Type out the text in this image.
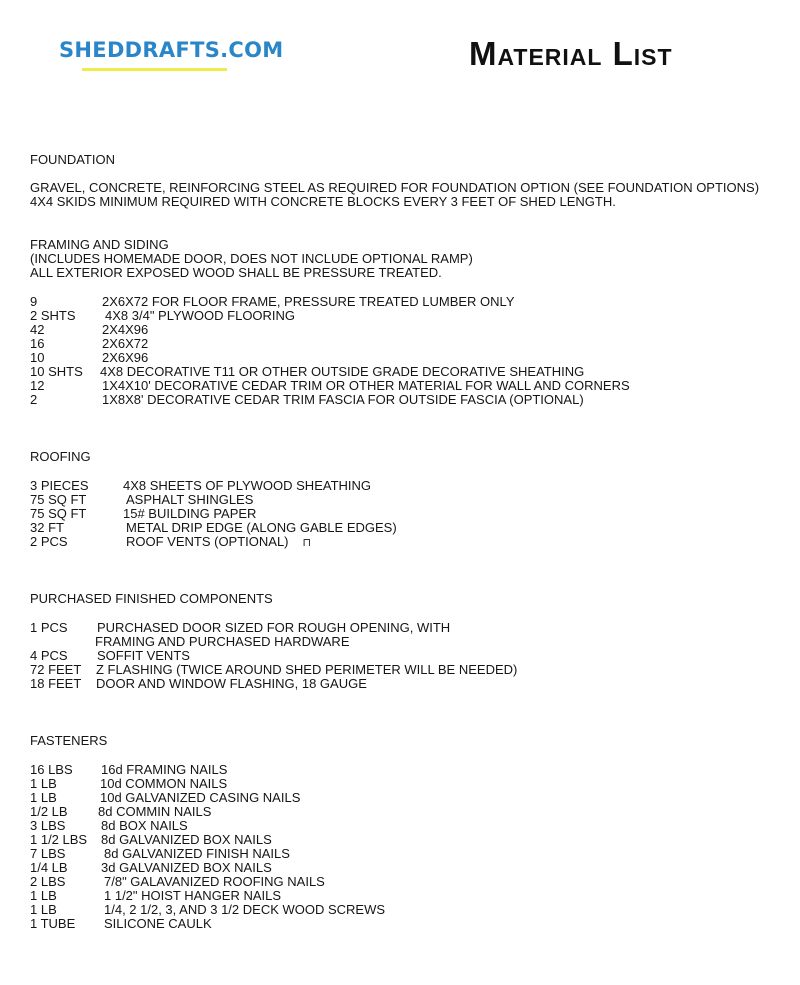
SHEDDRAFTS.COM	Material List
FOUNDATION
GRAVEL, CONCRETE, REINFORCING STEEL AS REQUIRED FOR FOUNDATION OPTION (SEE FOUNDATION OPTIONS)
4X4 SKIDS MINIMUM REQUIRED WITH CONCRETE BLOCKS EVERY 3 FEET OF SHED LENGTH.
FRAMING AND SIDING
(INCLUDES HOMEMADE DOOR, DOES NOT INCLUDE OPTIONAL RAMP)
ALL EXTERIOR EXPOSED WOOD SHALL BE PRESSURE TREATED.
9	2X6X72 FOR FLOOR FRAME, PRESSURE TREATED LUMBER ONLY
2 SHTS 4X8 3/4" PLYWOOD FLOORING
42	2X4X96
16	2X6X72
10	2X6X96
10 SHTS 4X8 DECORATIVE T11 OR OTHER OUTSIDE GRADE DECORATIVE SHEATHING
12	1X4X10' DECORATIVE CEDAR TRIM OR OTHER MATERIAL FOR WALL AND CORNERS
2	1X8X8' DECORATIVE CEDAR TRIM FASCIA FOR OUTSIDE FASCIA (OPTIONAL)
ROOFING
3 PIECES	4X8 SHEETS OF PLYWOOD SHEATHING
75 SQ FT	ASPHALT SHINGLES
75 SQ FT	15# BUILDING PAPER
32 FT	METAL DRIP EDGE (ALONG GABLE EDGES)
2 PCS	ROOF VENTS (OPTIONAL) ⊓
PURCHASED FINISHED COMPONENTS
1 PCS PURCHASED DOOR SIZED FOR ROUGH OPENING, WITH
FRAMING AND PURCHASED HARDWARE
4 PCS SOFFIT VENTS
72 FEET Z FLASHING (TWICE AROUND SHED PERIMETER WILL BE NEEDED)
18 FEET DOOR AND WINDOW FLASHING, 18 GAUGE
FASTENERS
16 LBS 16d FRAMING NAILS
1 LB	10d COMMON NAILS
1 LB	10d GALVANIZED CASING NAILS
1/2 LB 8d COMMIN NAILS
3 LBS	8d BOX NAILS
1 1/2 LBS 8d GALVANIZED BOX NAILS
7 LBS	8d GALVANIZED FINISH NAILS
1/4 LB	3d GALVANIZED BOX NAILS
2 LBS	7/8" GALAVANIZED ROOFING NAILS
1 LB	1 1/2" HOIST HANGER NAILS
1 LB	1/4, 2 1/2, 3, AND 3 1/2 DECK WOOD SCREWS
1 TUBE SILICONE CAULK
